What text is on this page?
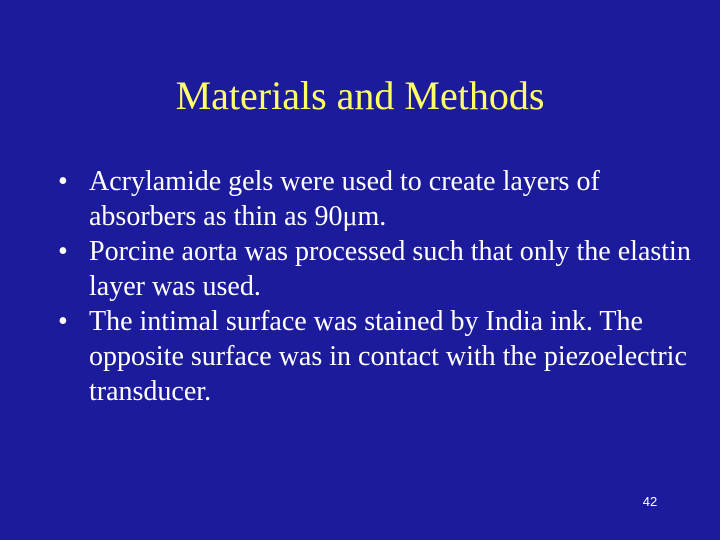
Materials and Methods
• Acrylamide gels were used to create layers of absorbers as thin as 90μm.
• Porcine aorta was processed such that only the elastin layer was used.
• The intimal surface was stained by India ink. The opposite surface was in contact with the piezoelectric transducer.
42
